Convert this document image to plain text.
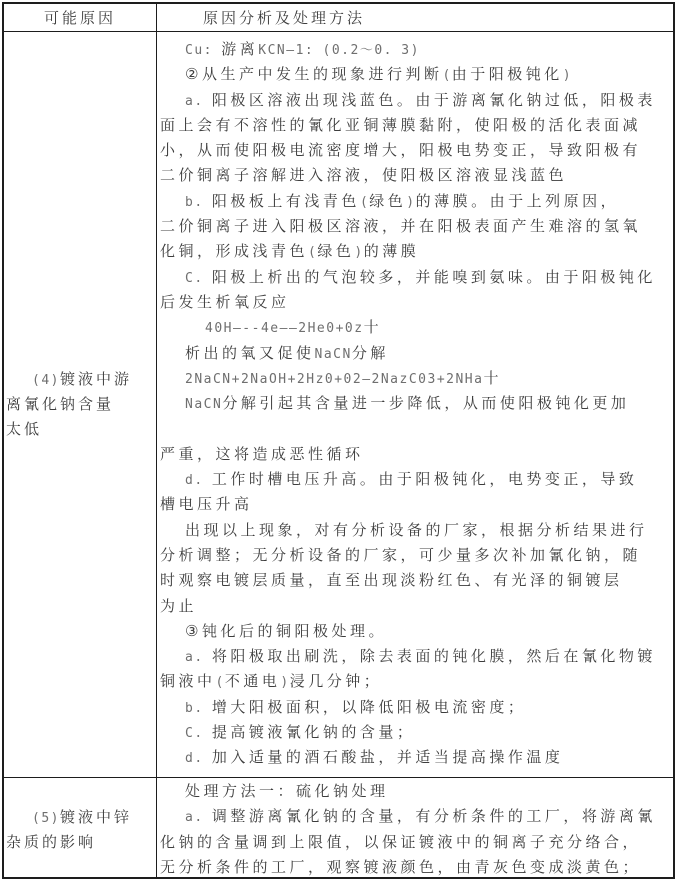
可能原因	原因分析及处理方法
(4)镀液中游
离氰化钠含量
太低
Cu: 游离KCN—1: (0.2～0. 3)
②从生产中发生的现象进行判断(由于阳极钝化)
a. 阳极区溶液出现浅蓝色。由于游离氰化钠过低，阳极表
面上会有不溶性的氰化亚铜薄膜黏附，使阳极的活化表面减
小，从而使阳极电流密度增大，阳极电势变正，导致阳极有
二价铜离子溶解进入溶液，使阳极区溶液显浅蓝色
b. 阳极板上有浅青色(绿色)的薄膜。由于上列原因，
二价铜离子进入阳极区溶液，并在阳极表面产生难溶的氢氧
化铜，形成浅青色(绿色)的薄膜
C. 阳极上析出的气泡较多，并能嗅到氨味。由于阳极钝化
后发生析氧反应
40H—--4e——2He0+0z十
析出的氧又促使NaCN分解
2NaCN+2NaOH+2Hz0+02—2NazC03+2NHa十
NaCN分解引起其含量进一步降低，从而使阳极钝化更加

严重，这将造成恶性循环
d. 工作时槽电压升高。由于阳极钝化，电势变正，导致
槽电压升高
出现以上现象，对有分析设备的厂家，根据分析结果进行
分析调整；无分析设备的厂家，可少量多次补加氰化钠，随
时观察电镀层质量，直至出现淡粉红色、有光泽的铜镀层
为止
③钝化后的铜阳极处理。
a. 将阳极取出刷洗，除去表面的钝化膜，然后在氰化物镀
铜液中(不通电)浸几分钟；
b. 增大阳极面积，以降低阳极电流密度；
C. 提高镀液氰化钠的含量；
d. 加入适量的酒石酸盐，并适当提高操作温度
(5)镀液中锌
杂质的影响
处理方法一：硫化钠处理
a. 调整游离氰化钠的含量，有分析条件的工厂，将游离氰
化钠的含量调到上限值，以保证镀液中的铜离子充分络合，
无分析条件的工厂，观察镀液颜色，由青灰色变成淡黄色；
